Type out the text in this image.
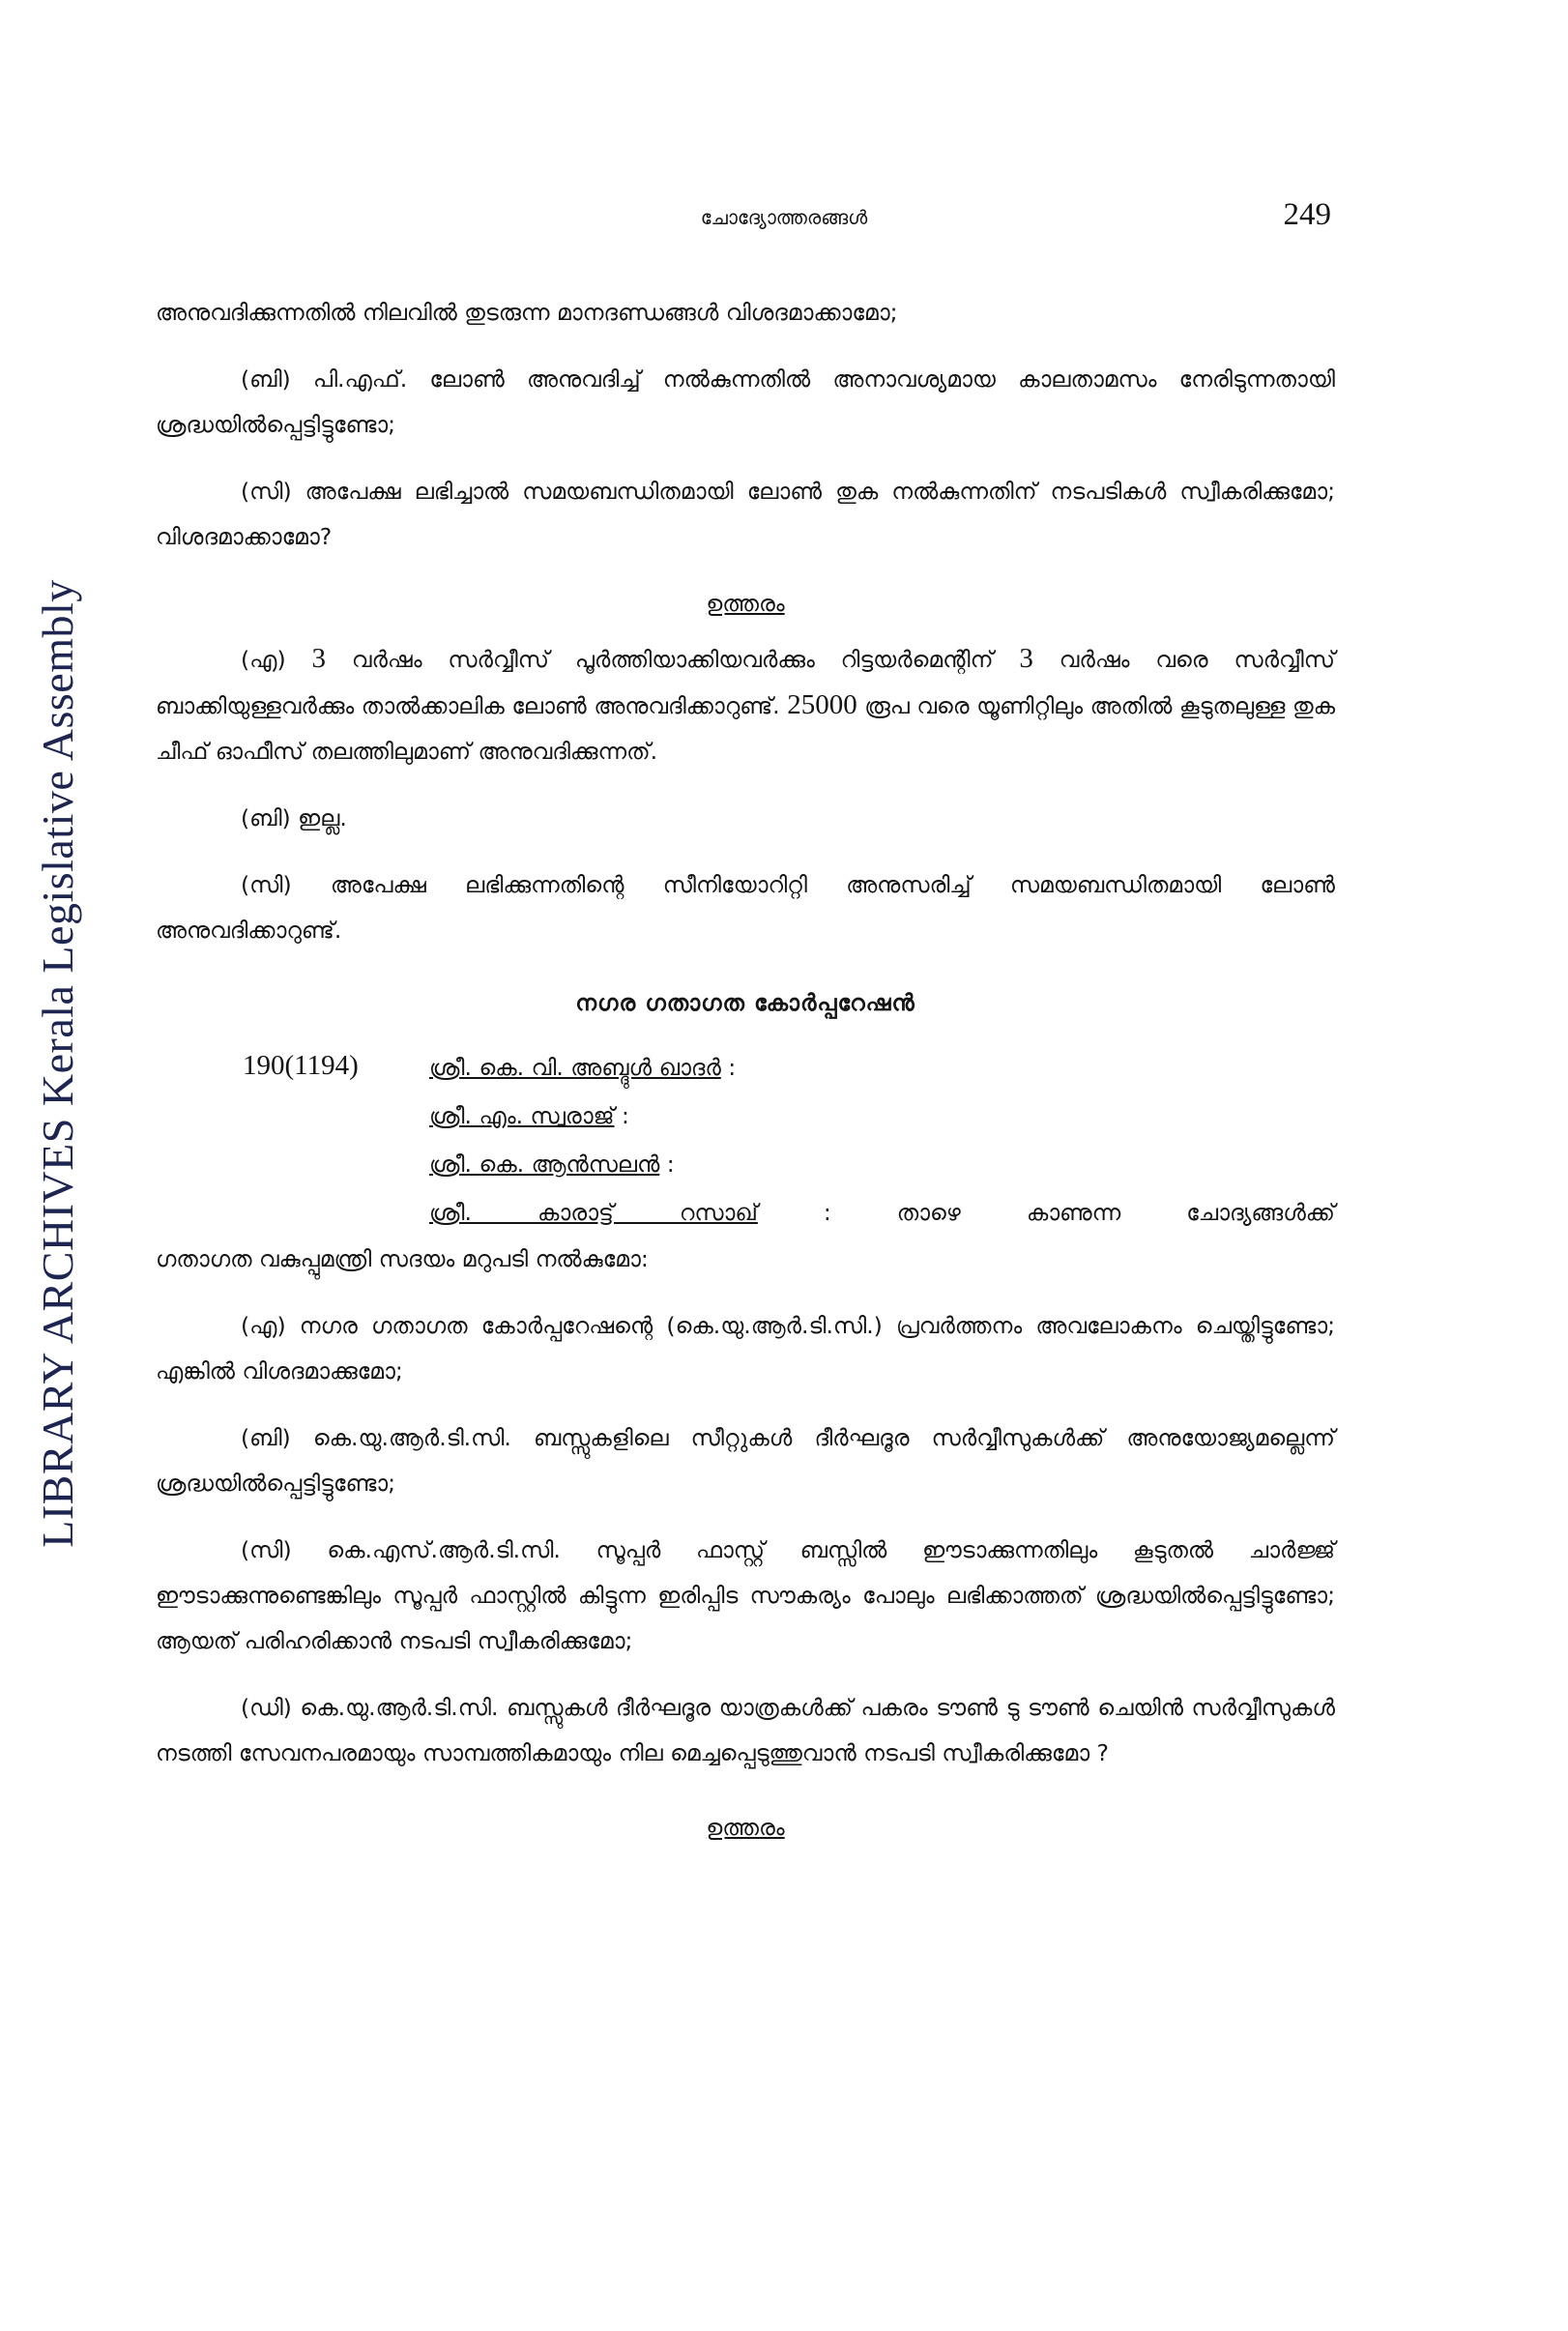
LIBRARY ARCHIVES Kerala Legislative Assembly
ചോദ്യോത്തരങ്ങൾ	249

അനുവദിക്കുന്നതിൽ നിലവിൽ തുടരുന്ന മാനദണ്ഡങ്ങൾ വിശദമാക്കാമോ;

(ബി) പി.എഫ്. ലോൺ അനുവദിച്ച് നൽകുന്നതിൽ അനാവശ്യമായ കാലതാമസം നേരിടുന്നതായി ശ്രദ്ധയിൽപ്പെട്ടിട്ടുണ്ടോ;

(സി) അപേക്ഷ ലഭിച്ചാൽ സമയബന്ധിതമായി ലോൺ തുക നൽകുന്നതിന് നടപടികൾ സ്വീകരിക്കുമോ; വിശദമാക്കാമോ?

ഉത്തരം

(എ) 3 വർഷം സർവ്വീസ് പൂർത്തിയാക്കിയവർക്കും റിട്ടയർമെന്റിന് 3 വർഷം വരെ സർവ്വീസ് ബാക്കിയുള്ളവർക്കും താൽക്കാലിക ലോൺ അനുവദിക്കാറുണ്ട്. 25000 രൂപ വരെ യൂണിറ്റിലും അതിൽ കൂടുതലുള്ള തുക ചീഫ് ഓഫീസ് തലത്തിലുമാണ് അനുവദിക്കുന്നത്.

(ബി) ഇല്ല.

(സി) അപേക്ഷ ലഭിക്കുന്നതിന്റെ സീനിയോറിറ്റി അനുസരിച്ച് സമയബന്ധിതമായി ലോൺ അനുവദിക്കാറുണ്ട്.

നഗര ഗതാഗത കോർപ്പറേഷൻ

190(1194)	ശ്രീ. കെ. വി. അബ്ദുൾ ഖാദർ :
ശ്രീ. എം. സ്വരാജ് :
ശ്രീ. കെ. ആൻസലൻ :
ശ്രീ. കാരാട്ട് റസാഖ് : താഴെ കാണുന്ന ചോദ്യങ്ങൾക്ക്

ഗതാഗത വകുപ്പുമന്ത്രി സദയം മറുപടി നൽകുമോ:

(എ) നഗര ഗതാഗത കോർപ്പറേഷന്റെ (കെ.യു.ആർ.ടി.സി.) പ്രവർത്തനം അവലോകനം ചെയ്തിട്ടുണ്ടോ; എങ്കിൽ വിശദമാക്കുമോ;

(ബി) കെ.യു.ആർ.ടി.സി. ബസ്സുകളിലെ സീറ്റുകൾ ദീർഘദൂര സർവ്വീസുകൾക്ക് അനുയോജ്യമല്ലെന്ന് ശ്രദ്ധയിൽപ്പെട്ടിട്ടുണ്ടോ;

(സി) കെ.എസ്.ആർ.ടി.സി. സൂപ്പർ ഫാസ്റ്റ് ബസ്സിൽ ഈടാക്കുന്നതിലും കൂടുതൽ ചാർജ്ജ് ഈടാക്കുന്നുണ്ടെങ്കിലും സൂപ്പർ ഫാസ്റ്റിൽ കിട്ടുന്ന ഇരിപ്പിട സൗകര്യം പോലും ലഭിക്കാത്തത് ശ്രദ്ധയിൽപ്പെട്ടിട്ടുണ്ടോ; ആയത് പരിഹരിക്കാൻ നടപടി സ്വീകരിക്കുമോ;

(ഡി) കെ.യു.ആർ.ടി.സി. ബസ്സുകൾ ദീർഘദൂര യാത്രകൾക്ക് പകരം ടൗൺ ടു ടൗൺ ചെയിൻ സർവ്വീസുകൾ നടത്തി സേവനപരമായും സാമ്പത്തികമായും നില മെച്ചപ്പെടുത്തുവാൻ നടപടി സ്വീകരിക്കുമോ ?

ഉത്തരം
